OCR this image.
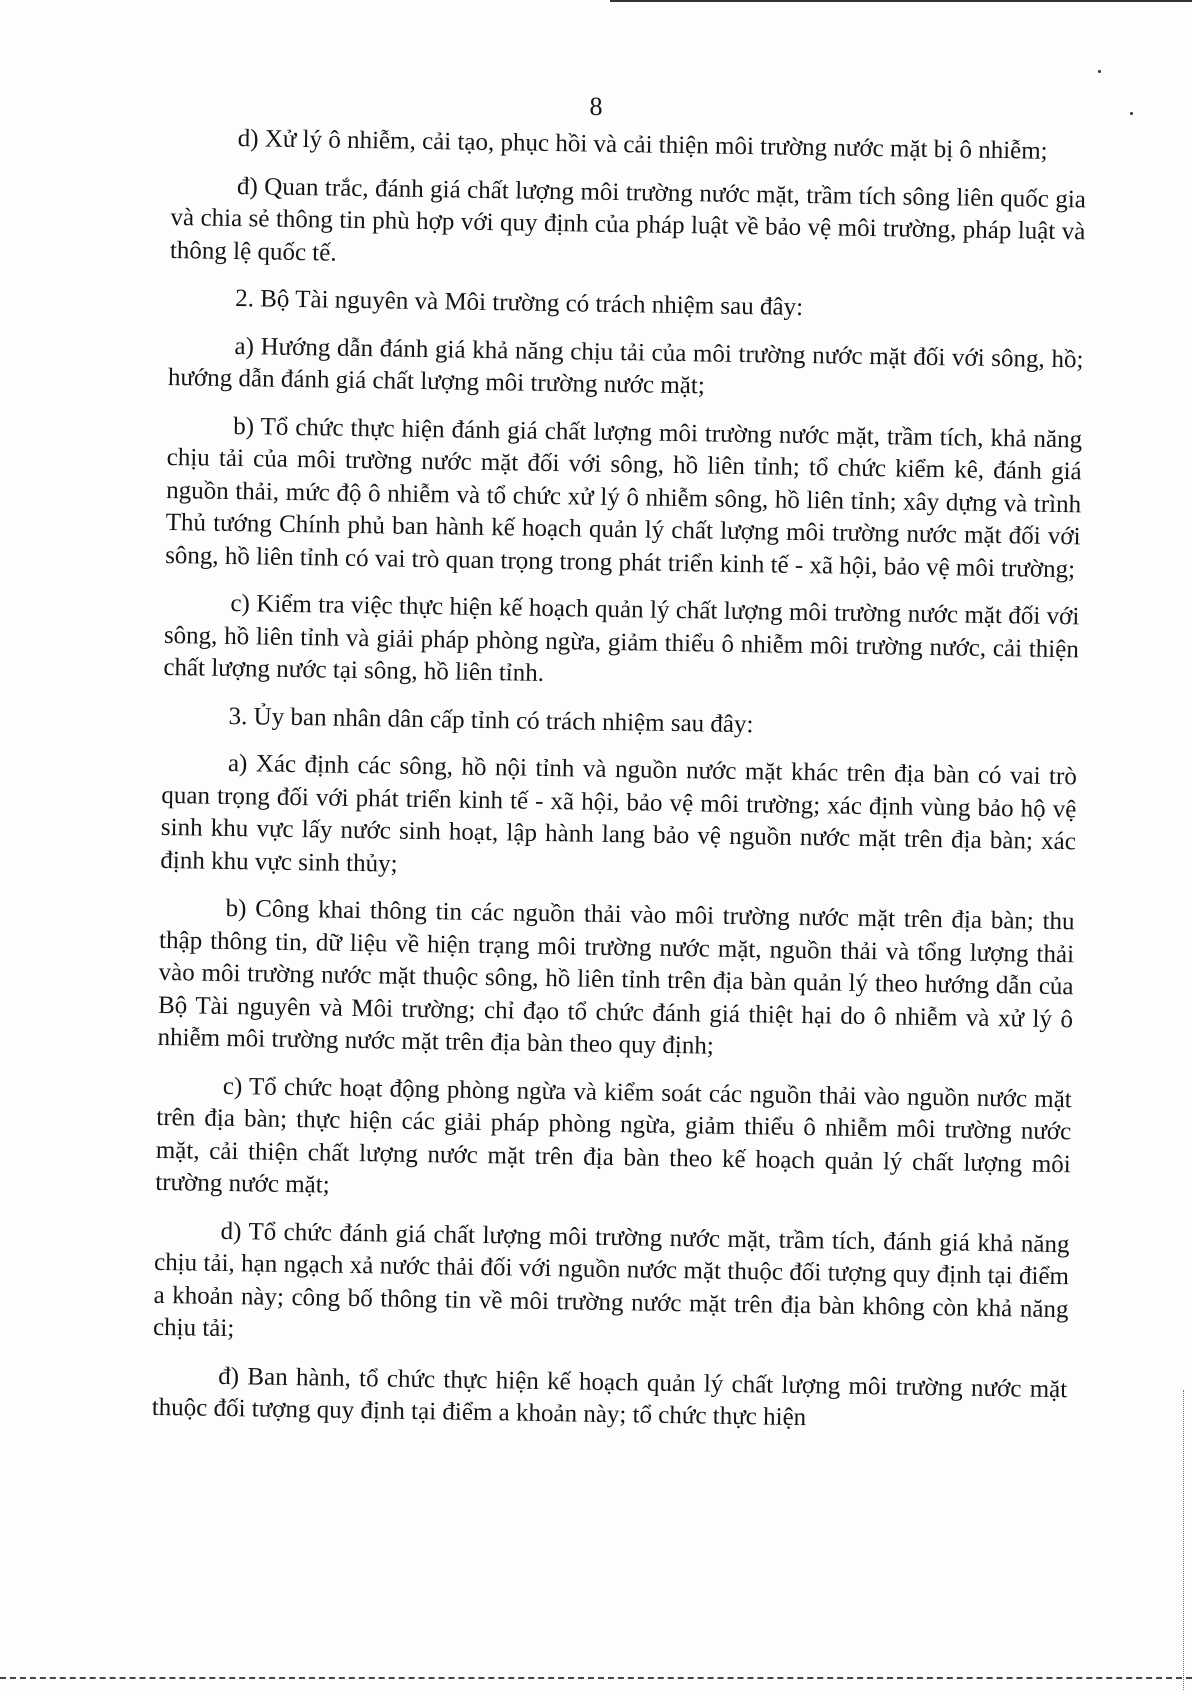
8

d) Xử lý ô nhiễm, cải tạo, phục hồi và cải thiện môi trường nước mặt bị ô nhiễm;

đ) Quan trắc, đánh giá chất lượng môi trường nước mặt, trầm tích sông liên quốc gia và chia sẻ thông tin phù hợp với quy định của pháp luật về bảo vệ môi trường, pháp luật và thông lệ quốc tế.

2. Bộ Tài nguyên và Môi trường có trách nhiệm sau đây:

a) Hướng dẫn đánh giá khả năng chịu tải của môi trường nước mặt đối với sông, hồ; hướng dẫn đánh giá chất lượng môi trường nước mặt;

b) Tổ chức thực hiện đánh giá chất lượng môi trường nước mặt, trầm tích, khả năng chịu tải của môi trường nước mặt đối với sông, hồ liên tỉnh; tổ chức kiểm kê, đánh giá nguồn thải, mức độ ô nhiễm và tổ chức xử lý ô nhiễm sông, hồ liên tỉnh; xây dựng và trình Thủ tướng Chính phủ ban hành kế hoạch quản lý chất lượng môi trường nước mặt đối với sông, hồ liên tỉnh có vai trò quan trọng trong phát triển kinh tế - xã hội, bảo vệ môi trường;

c) Kiểm tra việc thực hiện kế hoạch quản lý chất lượng môi trường nước mặt đối với sông, hồ liên tỉnh và giải pháp phòng ngừa, giảm thiểu ô nhiễm môi trường nước, cải thiện chất lượng nước tại sông, hồ liên tỉnh.

3. Ủy ban nhân dân cấp tỉnh có trách nhiệm sau đây:

a) Xác định các sông, hồ nội tỉnh và nguồn nước mặt khác trên địa bàn có vai trò quan trọng đối với phát triển kinh tế - xã hội, bảo vệ môi trường; xác định vùng bảo hộ vệ sinh khu vực lấy nước sinh hoạt, lập hành lang bảo vệ nguồn nước mặt trên địa bàn; xác định khu vực sinh thủy;

b) Công khai thông tin các nguồn thải vào môi trường nước mặt trên địa bàn; thu thập thông tin, dữ liệu về hiện trạng môi trường nước mặt, nguồn thải và tổng lượng thải vào môi trường nước mặt thuộc sông, hồ liên tỉnh trên địa bàn quản lý theo hướng dẫn của Bộ Tài nguyên và Môi trường; chỉ đạo tổ chức đánh giá thiệt hại do ô nhiễm và xử lý ô nhiễm môi trường nước mặt trên địa bàn theo quy định;

c) Tổ chức hoạt động phòng ngừa và kiểm soát các nguồn thải vào nguồn nước mặt trên địa bàn; thực hiện các giải pháp phòng ngừa, giảm thiểu ô nhiễm môi trường nước mặt, cải thiện chất lượng nước mặt trên địa bàn theo kế hoạch quản lý chất lượng môi trường nước mặt;

d) Tổ chức đánh giá chất lượng môi trường nước mặt, trầm tích, đánh giá khả năng chịu tải, hạn ngạch xả nước thải đối với nguồn nước mặt thuộc đối tượng quy định tại điểm a khoản này; công bố thông tin về môi trường nước mặt trên địa bàn không còn khả năng chịu tải;

đ) Ban hành, tổ chức thực hiện kế hoạch quản lý chất lượng môi trường nước mặt thuộc đối tượng quy định tại điểm a khoản này; tổ chức thực hiện
